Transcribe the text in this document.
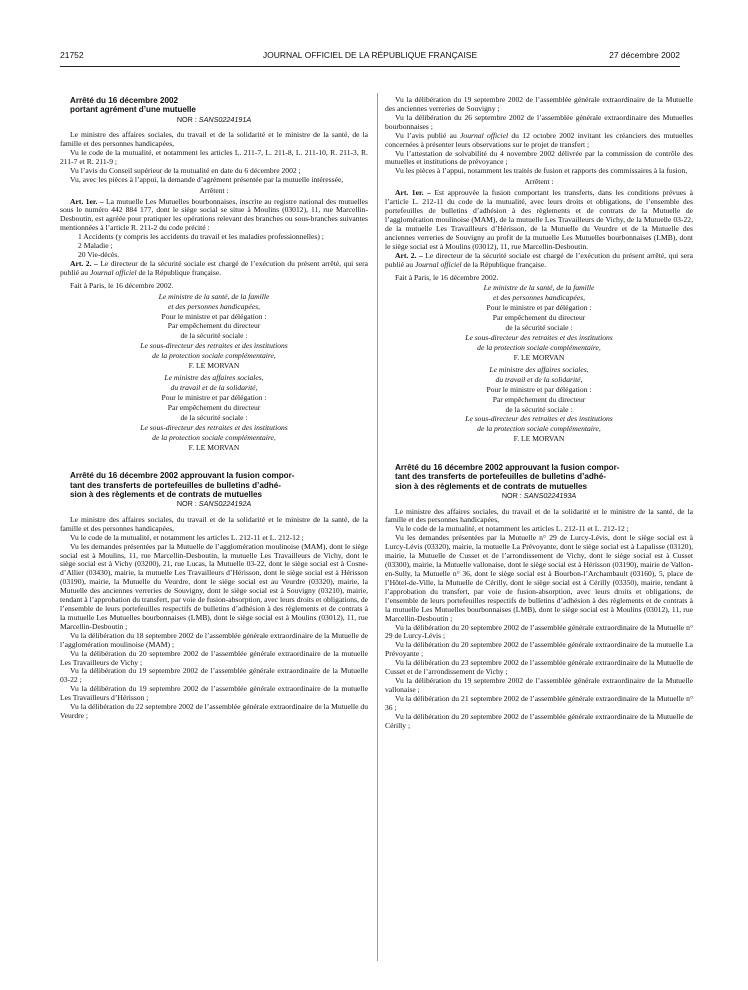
21752	JOURNAL OFFICIEL DE LA RÉPUBLIQUE FRANÇAISE	27 décembre 2002

Arrêté du 16 décembre 2002

portant agrément d’une mutuelle

NOR : SANS0224191A

Le ministre des affaires sociales, du travail et de la solidarité et le ministre de la santé, de la famille et des personnes handicapées,

Vu le code de la mutualité, et notamment les articles L. 211-7, L. 211-8, L. 211-10, R. 211-3, R. 211-7 et R. 211-9 ;

Vu l’avis du Conseil supérieur de la mutualité en date du 6 décembre 2002 ;

Vu, avec les pièces à l’appui, la demande d’agrément présentée par la mutuelle intéressée,

Arrêtent :

Art. 1er. – La mutuelle Les Mutuelles bourbonnaises, inscrite au registre national des mutuelles sous le numéro 442 884 177, dont le siège social se situe à Moulins (03012), 11, rue Marcellin-Desboutin, est agréée pour pratiquer les opérations relevant des branches ou sous-branches suivantes mentionnées à l’article R. 211-2 du code précité :

1 Accidents (y compris les accidents du travail et les maladies professionnelles) ;
2 Maladie ;
20 Vie-décès.

Art. 2. – Le directeur de la sécurité sociale est chargé de l’exécution du présent arrêté, qui sera publié au Journal officiel de la République française.

Fait à Paris, le 16 décembre 2002.
Le ministre de la santé, de la famille
et des personnes handicapées,
Pour le ministre et par délégation :
Par empêchement du directeur
de la sécurité sociale :
Le sous-directeur des retraites et des institutions
de la protection sociale complémentaire,
F. LE MORVAN
Le ministre des affaires sociales,
du travail et de la solidarité,
Pour le ministre et par délégation :
Par empêchement du directeur
de la sécurité sociale :
Le sous-directeur des retraites et des institutions
de la protection sociale complémentaire,
F. LE MORVAN

Arrêté du 16 décembre 2002 approuvant la fusion compor-

tant des transferts de portefeuilles de bulletins d’adhé-

sion à des règlements et de contrats de mutuelles

NOR : SANS0224192A

Le ministre des affaires sociales, du travail et de la solidarité et le ministre de la santé, de la famille et des personnes handicapées,

Vu le code de la mutualité, et notamment les articles L. 212-11 et L. 212-12 ;

Vu les demandes présentées par la Mutuelle de l’agglomération moulinoise (MAM), dont le siège social est à Moulins, 11, rue Marcellin-Desboutin, la mutuelle Les Travailleurs de Vichy, dont le siège social est à Vichy (03200), 21, rue Lucas, la Mutuelle 03-22, dont le siège social est à Cosne-d’Allier (03430), mairie, la mutuelle Les Travailleurs d’Hérisson, dont le siège social est à Hérisson (03190), mairie, la Mutuelle du Veurdre, dont le siège social est au Veurdre (03320), mairie, la Mutuelle des anciennes verreries de Souvigny, dont le siège social est à Souvigny (03210), mairie, tendant à l’approbation du transfert, par voie de fusion-absorption, avec leurs droits et obligations, de l’ensemble de leurs portefeuilles respectifs de bulletins d’adhésion à des règlements et de contrats à la mutuelle Les Mutuelles bourbonnaises (LMB), dont le siège social est à Moulins (03012), 11, rue Marcellin-Desboutin ;

Vu la délibération du 18 septembre 2002 de l’assemblée générale extraordinaire de la Mutuelle de l’agglomération moulinoise (MAM) ;

Vu la délibération du 20 septembre 2002 de l’assemblée générale extraordinaire de la mutuelle Les Travailleurs de Vichy ;

Vu la délibération du 19 septembre 2002 de l’assemblée générale extraordinaire de la Mutuelle 03-22 ;

Vu la délibération du 19 septembre 2002 de l’assemblée générale extraordinaire de la mutuelle Les Travailleurs d’Hérisson ;

Vu la délibération du 22 septembre 2002 de l’assemblée générale extraordinaire de la Mutuelle du Veurdre ;

Vu la délibération du 19 septembre 2002 de l’assemblée générale extraordinaire de la Mutuelle des anciennes verreries de Souvigny ;

Vu la délibération du 26 septembre 2002 de l’assemblée générale extraordinaire des Mutuelles bourbonnaises ;

Vu l’avis publié au Journal officiel du 12 octobre 2002 invitant les créanciers des mutuelles concernées à présenter leurs observations sur le projet de transfert ;

Vu l’attestation de solvabilité du 4 novembre 2002 délivrée par la commission de contrôle des mutuelles et institutions de prévoyance ;

Vu les pièces à l’appui, notamment les traités de fusion et rapports des commissaires à la fusion,

Arrêtent :

Art. 1er. – Est approuvée la fusion comportant les transferts, dans les conditions prévues à l’article L. 212-11 du code de la mutualité, avec leurs droits et obligations, de l’ensemble des portefeuilles de bulletins d’adhésion à des règlements et de contrats de la Mutuelle de l’agglomération moulinoise (MAM), de la mutuelle Les Travailleurs de Vichy, de la Mutuelle 03-22, de la mutuelle Les Travailleurs d’Hérisson, de la Mutuelle du Veurdre et de la Mutuelle des anciennes verreries de Souvigny au profit de la mutuelle Les Mutuelles bourbonnaises (LMB), dont le siège social est à Moulins (03012), 11, rue Marcellin-Desboutin.

Art. 2. – Le directeur de la sécurité sociale est chargé de l’exécution du présent arrêté, qui sera publié au Journal officiel de la République française.

Fait à Paris, le 16 décembre 2002.
Le ministre de la santé, de la famille
et des personnes handicapées,
Pour le ministre et par délégation :
Par empêchement du directeur
de la sécurité sociale :
Le sous-directeur des retraites et des institutions
de la protection sociale complémentaire,
F. LE MORVAN
Le ministre des affaires sociales,
du travail et de la solidarité,
Pour le ministre et par délégation :
Par empêchement du directeur
de la sécurité sociale :
Le sous-directeur des retraites et des institutions
de la protection sociale complémentaire,
F. LE MORVAN

Arrêté du 16 décembre 2002 approuvant la fusion compor-

tant des transferts de portefeuilles de bulletins d’adhé-

sion à des règlements et de contrats de mutuelles

NOR : SANS0224193A

Le ministre des affaires sociales, du travail et de la solidarité et le ministre de la santé, de la famille et des personnes handicapées,

Vu le code de la mutualité, et notamment les articles L. 212-11 et L. 212-12 ;

Vu les demandes présentées par la Mutuelle n° 29 de Lurcy-Lévis, dont le siège social est à Lurcy-Lévis (03320), mairie, la mutuelle La Prévoyante, dont le siège social est à Lapalisse (03120), mairie, la Mutuelle de Cusset et de l’arrondissement de Vichy, dont le siège social est à Cusset (03300), mairie, la Mutuelle vallonaise, dont le siège social est à Hérisson (03190), mairie de Vallon-en-Sully, la Mutuelle n° 36, dont le siège social est à Bourbon-l’Archambault (03160), 5, place de l’Hôtel-de-Ville, la Mutuelle de Cérilly, dont le siège social est à Cérilly (03350), mairie, tendant à l’approbation du transfert, par voie de fusion-absorption, avec leurs droits et obligations, de l’ensemble de leurs portefeuilles respectifs de bulletins d’adhésion à des règlements et de contrats à la mutuelle Les Mutuelles bourbonnaises (LMB), dont le siège social est à Moulins (03012), 11, rue Marcellin-Desboutin ;

Vu la délibération du 20 septembre 2002 de l’assemblée générale extraordinaire de la Mutuelle n° 29 de Lurcy-Lévis ;

Vu la délibération du 20 septembre 2002 de l’assemblée générale extraordinaire de la mutuelle La Prévoyante ;

Vu la délibération du 23 septembre 2002 de l’assemblée générale extraordinaire de la Mutuelle de Cusset et de l’arrondissement de Vichy ;

Vu la délibération du 19 septembre 2002 de l’assemblée générale extraordinaire de la Mutuelle vallonaise ;

Vu la délibération du 21 septembre 2002 de l’assemblée générale extraordinaire de la Mutuelle n° 36 ;

Vu la délibération du 20 septembre 2002 de l’assemblée générale extraordinaire de la Mutuelle de Cérilly ;
